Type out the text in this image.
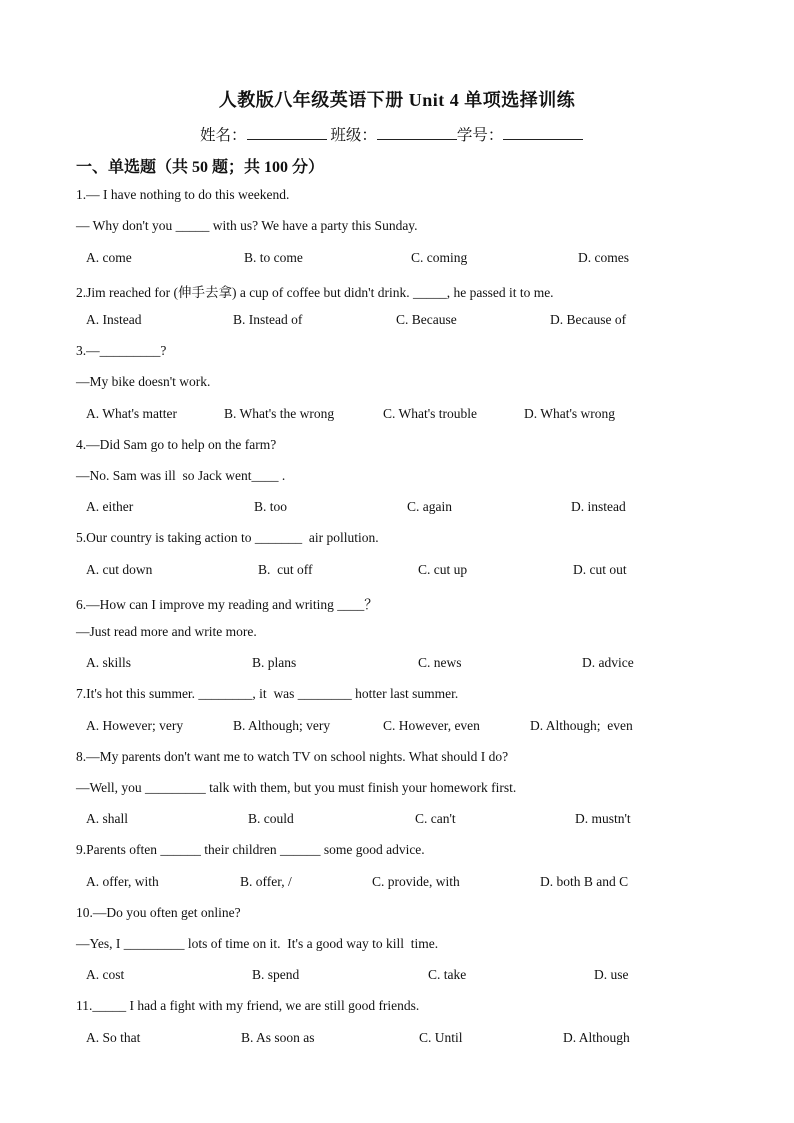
人教版八年级英语下册 Unit 4 单项选择训练
姓名：	班级：	学号：
一、单选题（共 50 题；共 100 分）
1.— I have nothing to do this weekend.
— Why don't you _____ with us? We have a party this Sunday.
A. come	B. to come	C. coming	D. comes
2.Jim reached for (伸手去拿) a cup of coffee but didn't drink. _____, he passed it to me.
A. Instead	B. Instead of	C. Because	D. Because of
3.—_________?
—My bike doesn't work.
A. What's matter	B. What's the wrong	C. What's trouble	D. What's wrong
4.—Did Sam go to help on the farm?
—No. Sam was ill  so Jack went____ .
A. either	B. too	C. again	D. instead
5.Our country is taking action to _______  air pollution.
A. cut down	B.  cut off	C. cut up	D. cut out
6.—How can I improve my reading and writing ____？
—Just read more and write more.
A. skills	B. plans	C. news	D. advice
7.It's hot this summer. ________, it  was ________ hotter last summer.
A. However; very	B. Although; very	C. However, even	D. Although;  even
8.—My parents don't want me to watch TV on school nights. What should I do?
—Well, you _________ talk with them, but you must finish your homework first.
A. shall	B. could	C. can't	D. mustn't
9.Parents often ______ their children ______ some good advice.
A. offer, with	B. offer, /	C. provide, with	D. both B and C
10.—Do you often get online?
—Yes, I _________ lots of time on it.  It's a good way to kill  time.
A. cost	B. spend	C. take	D. use
11._____ I had a fight with my friend, we are still good friends.
A. So that	B. As soon as	C. Until	D. Although
